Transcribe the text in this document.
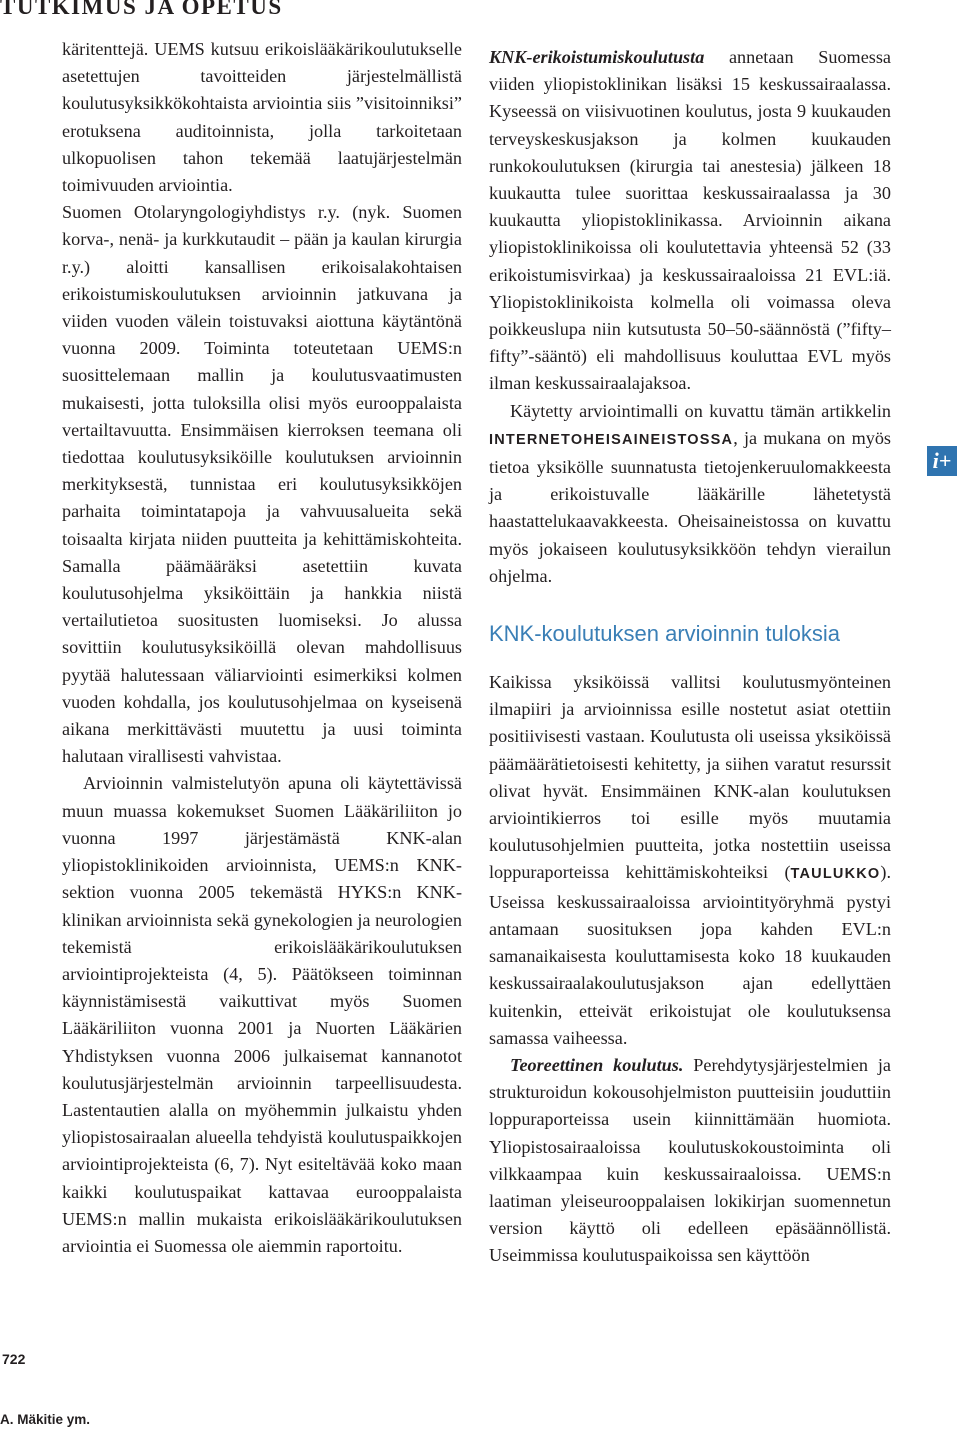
TUTKIMUS JA OPETUS

käritenttejä. UEMS kutsuu erikoislääkärikoulutukselle asetettujen tavoitteiden järjestelmällistä koulutusyksikkökohtaista arviointia siis ”visitoinniksi” erotuksena auditoinnista, jolla tarkoitetaan ulkopuolisen tahon tekemää laatujärjestelmän toimivuuden arviointia.

Suomen Otolaryngologiyhdistys r.y. (nyk. Suomen korva-, nenä- ja kurkkutaudit – pään ja kaulan kirurgia r.y.) aloitti kansallisen erikoisalakohtaisen erikoistumiskoulutuksen arvioinnin jatkuvana ja viiden vuoden välein toistuvaksi aiottuna käytäntönä vuonna 2009. Toiminta toteutetaan UEMS:n suosittelemaan mallin ja koulutusvaatimusten mukaisesti, jotta tuloksilla olisi myös eurooppalaista vertailtavuutta. Ensimmäisen kierroksen teemana oli tiedottaa koulutusyksiköille koulutuksen arvioinnin merkityksestä, tunnistaa eri koulutusyksikköjen parhaita toimintatapoja ja vahvuusalueita sekä toisaalta kirjata niiden puutteita ja kehittämiskohteita. Samalla päämääräksi asetettiin kuvata koulutusohjelma yksiköittäin ja hankkia niistä vertailutietoa suositusten luomiseksi. Jo alussa sovittiin koulutusyksiköillä olevan mahdollisuus pyytää halutessaan väliarviointi esimerkiksi kolmen vuoden kohdalla, jos koulutusohjelmaa on kyseisenä aikana merkittävästi muutettu ja uusi toiminta halutaan virallisesti vahvistaa.

Arvioinnin valmistelutyön apuna oli käytettävissä muun muassa kokemukset Suomen Lääkäriliiton jo vuonna 1997 järjestämästä KNK-alan yliopistoklinikoiden arvioinnista, UEMS:n KNK-sektion vuonna 2005 tekemästä HYKS:n KNK-klinikan arvioinnista sekä gynekologien ja neurologien tekemistä erikoislääkärikoulutuksen arviointiprojekteista (4, 5). Päätökseen toiminnan käynnistämisestä vaikuttivat myös Suomen Lääkäriliiton vuonna 2001 ja Nuorten Lääkärien Yhdistyksen vuonna 2006 julkaisemat kannanotot koulutusjärjestelmän arvioinnin tarpeellisuudesta. Lastentautien alalla on myöhemmin julkaistu yhden yliopistosairaalan alueella tehdyistä koulutuspaikkojen arviointiprojekteista (6, 7). Nyt esiteltävää koko maan kaikki koulutuspaikat kattavaa eurooppalaista UEMS:n mallin mukaista erikoislääkärikoulutuksen arviointia ei Suomessa ole aiemmin raportoitu.

KNK-erikoistumiskoulutusta annetaan Suomessa viiden yliopistoklinikan lisäksi 15 keskussairaalassa. Kyseessä on viisivuotinen koulutus, josta 9 kuukauden terveyskeskusjakson ja kolmen kuukauden runkokoulutuksen (kirurgia tai anestesia) jälkeen 18 kuukautta tulee suorittaa keskussairaalassa ja 30 kuukautta yliopistoklinikassa. Arvioinnin aikana yliopistoklinikoissa oli koulutettavia yhteensä 52 (33 erikoistumisvirkaa) ja keskussairaaloissa 21 EVL:iä. Yliopistoklinikoista kolmella oli voimassa oleva poikkeuslupa niin kutsutusta 50–50-säännöstä (”fifty–fifty”-sääntö) eli mahdollisuus kouluttaa EVL myös ilman keskussairaalajaksoa.

Käytetty arviointimalli on kuvattu tämän artikkelin INTERNETOHEISAINEISTOSSA, ja mukana on myös tietoa yksikölle suunnatusta tietojenkeruulomakkeesta ja erikoistuvalle lääkärille lähetetystä haastattelukaavakkeesta. Oheisaineistossa on kuvattu myös jokaiseen koulutusyksikköön tehdyn vierailun ohjelma.

KNK-koulutuksen arvioinnin tuloksia

Kaikissa yksiköissä vallitsi koulutusmyönteinen ilmapiiri ja arvioinnissa esille nostetut asiat otettiin positiivisesti vastaan. Koulutusta oli useissa yksiköissä päämäärätietoisesti kehitetty, ja siihen varatut resurssit olivat hyvät. Ensimmäinen KNK-alan koulutuksen arviointikierros toi esille myös muutamia koulutusohjelmien puutteita, jotka nostettiin useissa loppuraporteissa kehittämiskohteiksi (TAULUKKO). Useissa keskussairaaloissa arviointityöryhmä pystyi antamaan suosituksen jopa kahden EVL:n samanaikaisesta kouluttamisesta koko 18 kuukauden keskussairaalakoulutusjakson ajan edellyttäen kuitenkin, etteivät erikoistujat ole koulutuksensa samassa vaiheessa.

Teoreettinen koulutus. Perehdytysjärjestelmien ja strukturoidun kokousohjelmiston puutteisiin jouduttiin loppuraporteissa usein kiinnittämään huomiota. Yliopistosairaaloissa koulutuskokoustoiminta oli vilkkaampaa kuin keskussairaaloissa. UEMS:n laatiman yleiseurooppalaisen lokikirjan suomennetun version käyttö oli edelleen epäsäännöllistä. Useimmissa koulutuspaikoissa sen käyttöön

i+
722
A. Mäkitie ym.
